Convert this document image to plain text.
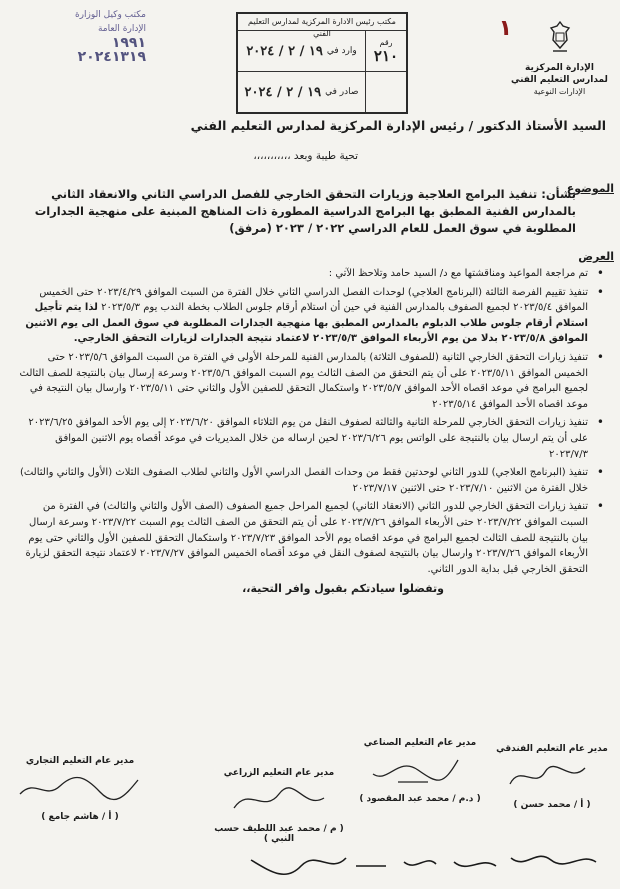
مكتب وكيل الوزارة
الإدارة العامة
١٩٩١
٢٠٢٤١٣١٩
مكتب رئيس الادارة المركزية لمدارس التعليم الفني
رقم
٢١٠
وارد في
١٩ / ٢ / ٢٠٢٤
صادر في
١٩ / ٢ / ٢٠٢٤
١
الإدارة المركزية لمدارس التعليم الفني
الإدارات النوعية
السيد الأستاذ الدكتور / رئيس الإدارة المركزية لمدارس التعليم الفني
تحية طيبة وبعد ،،،،،،،،،،،
الموضوع
بشأن: تنفيذ البرامج العلاجية وزيارات التحقق الخارجي للفصل الدراسي الثاني والانعقاد الثاني بالمدارس الفنية المطبق بها البرامج الدراسية المطورة ذات المناهج المبنية على منهجية الجدارات المطلوبة في سوق العمل للعام الدراسي ٢٠٢٢ / ٢٠٢٣ (مرفق)
العرض

• تم مراجعة المواعيد ومناقشتها مع د/ السيد حامد وتلاحظ الآتي :

• تنفيذ تقييم الفرصة الثالثة (البرنامج العلاجي) لوحدات الفصل الدراسي الثاني خلال الفترة من السبت الموافق ٢٠٢٣/٤/٢٩ حتى الخميس الموافق ٢٠٢٣/٥/٤ لجميع الصفوف بالمدارس الفنية في حين أن استلام أرقام جلوس الطلاب بخطة الندب يوم ٢٠٢٣/٥/٣ لذا يتم تأجيل استلام أرقام جلوس طلاب الدبلوم بالمدارس المطبق بها منهجية الجدارات المطلوبة في سوق العمل الى يوم الاثنين الموافق ٢٠٢٣/٥/٨ بدلا من يوم الأربعاء الموافق ٢٠٢٣/٥/٣ لاعتماد نتيجة الجدارات لزيارات التحقق الخارجي.

• تنفيذ زيارات التحقق الخارجي الثانية (للصفوف الثلاثة) بالمدارس الفنية للمرحلة الأولى في الفترة من السبت الموافق ٢٠٢٣/٥/٦ حتى الخميس الموافق ٢٠٢٣/٥/١١ على أن يتم التحقق من الصف الثالث يوم السبت الموافق ٢٠٢٣/٥/٦ وسرعة إرسال بيان بالنتيجة للصف الثالث لجميع البرامج في موعد اقصاه الأحد الموافق ٢٠٢٣/٥/٧ واستكمال التحقق للصفين الأول والثاني حتى ٢٠٢٣/٥/١١ وارسال بيان النتيجة في موعد اقصاه الأحد الموافق ٢٠٢٣/٥/١٤

• تنفيذ زيارات التحقق الخارجي للمرحلة الثانية والثالثة لصفوف النقل من يوم الثلاثاء الموافق ٢٠٢٣/٦/٢٠ إلى يوم الأحد الموافق ٢٠٢٣/٦/٢٥ على أن يتم ارسال بيان بالنتيجة على الواتس يوم ٢٠٢٣/٦/٢٦ لحين ارساله من خلال المديريات في موعد أقصاه يوم الاثنين الموافق ٢٠٢٣/٧/٣

• تنفيذ (البرنامج العلاجي) للدور الثاني لوحدتين فقط من وحدات الفصل الدراسي الأول والثاني لطلاب الصفوف الثلاث (الأول والثاني والثالث) خلال الفترة من الاثنين ٢٠٢٣/٧/١٠ حتى الاثنين ٢٠٢٣/٧/١٧

• تنفيذ زيارات التحقق الخارجي للدور الثاني (الانعقاد الثاني) لجميع المراحل جميع الصفوف (الصف الأول والثاني والثالث) في الفترة من السبت الموافق ٢٠٢٣/٧/٢٢ حتى الأربعاء الموافق ٢٠٢٣/٧/٢٦ على أن يتم التحقق من الصف الثالث يوم السبت ٢٠٢٣/٧/٢٢ وسرعة ارسال بيان بالنتيجة للصف الثالث لجميع البرامج في موعد اقصاه يوم الأحد الموافق ٢٠٢٣/٧/٢٣ واستكمال التحقق للصفين الأول والثاني حتى يوم الأربعاء الموافق ٢٠٢٣/٧/٢٦ وارسال بيان بالنتيجة لصفوف النقل في موعد أقصاه الخميس الموافق ٢٠٢٣/٧/٢٧ لاعتماد نتيجة التحقق لزيارة التحقق الخارجي قبل بداية الدور الثاني.

وتفضلوا سيادتكم بقبول وافر التحية،،
مدير عام التعليم الفندقي
( أ / محمد حسن )
مدير عام التعليم الصناعي
( د.م / محمد عبد المقصود )
مدير عام التعليم الزراعي
( م / محمد عبد اللطيف حسب النبي )
مدير عام التعليم التجاري
( أ / هاشم جامع )
